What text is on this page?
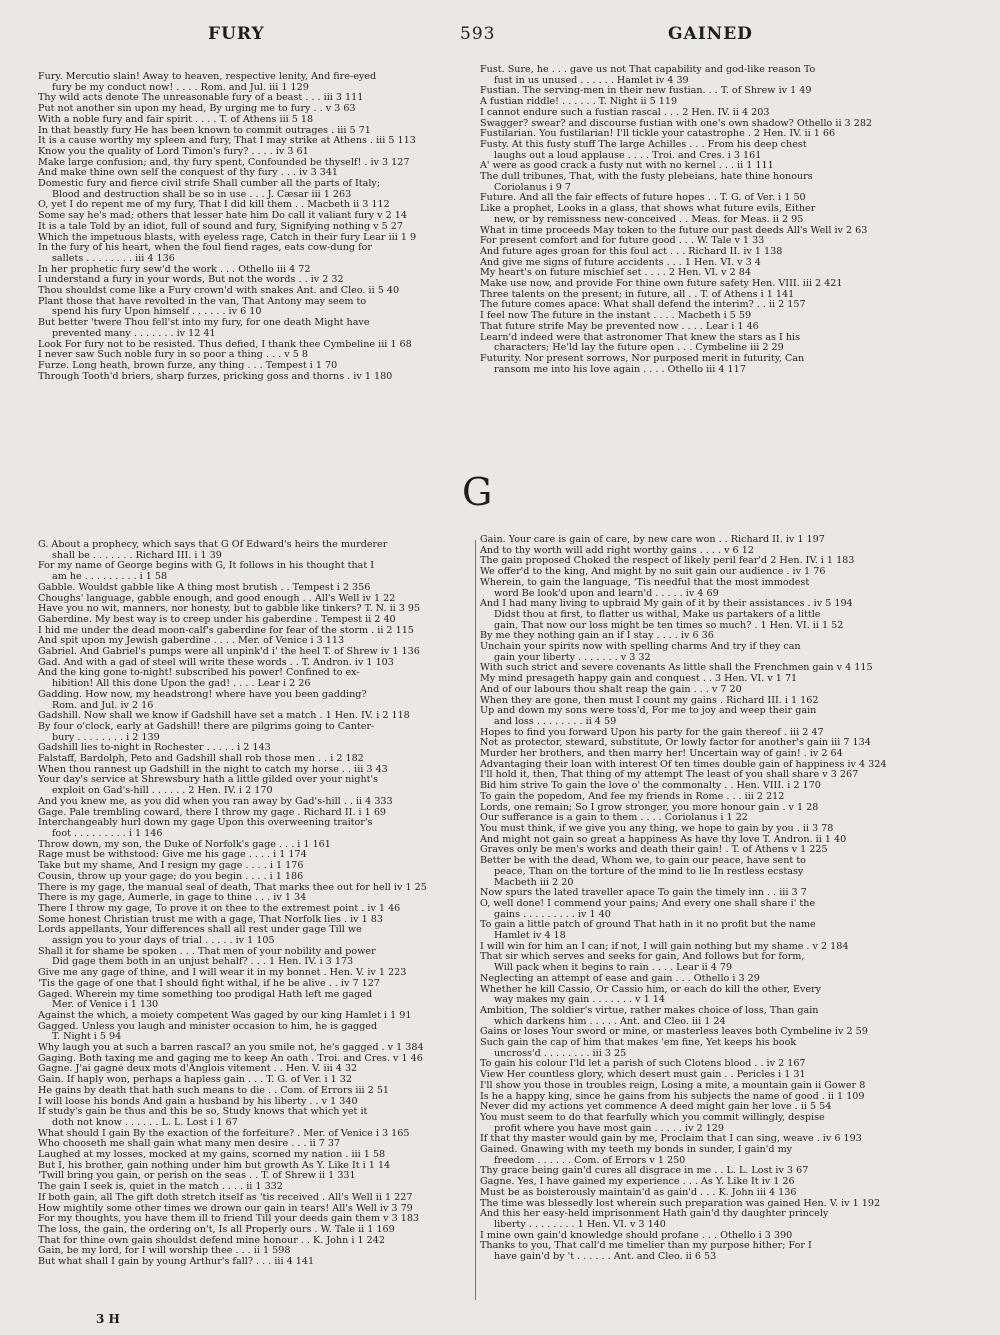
FURY	593	GAINED
Fury. Mercutio slain! Away to heaven, respective lenity, And fire-eyed
fury be my conduct now! . . . . Rom. and Jul. iii 1 129
Thy wild acts denote The unreasonable fury of a beast . . . iii 3 111
Put not another sin upon my head, By urging me to fury . . v 3 63
With a noble fury and fair spirit . . . . T. of Athens iii 5 18
In that beastly fury He has been known to commit outrages . iii 5 71
It is a cause worthy my spleen and fury, That I may strike at Athens . iii 5 113
Know you the quality of Lord Timon's fury? . . . . iv 3 61
Make large confusion; and, thy fury spent, Confounded be thyself! . iv 3 127
And make thine own self the conquest of thy fury . . . iv 3 341
Domestic fury and fierce civil strife Shall cumber all the parts of Italy;
Blood and destruction shall be so in use . . . J. Cæsar iii 1 263
O, yet I do repent me of my fury, That I did kill them . . Macbeth ii 3 112
Some say he's mad; others that lesser hate him Do call it valiant fury v 2 14
It is a tale Told by an idiot, full of sound and fury, Signifying nothing v 5 27
Which the impetuous blasts, with eyeless rage, Catch in their fury Lear iii 1 9
In the fury of his heart, when the foul fiend rages, eats cow-dung for
sallets . . . . . . . . iii 4 136
In her prophetic fury sew'd the work . . . Othello iii 4 72
I understand a fury in your words, But not the words . . iv 2 32
Thou shouldst come like a Fury crown'd with snakes Ant. and Cleo. ii 5 40
Plant those that have revolted in the van, That Antony may seem to
spend his fury Upon himself . . . . . . iv 6 10
But better 'twere Thou fell'st into my fury, for one death Might have
prevented many . . . . . . . iv 12 41
Look For fury not to be resisted. Thus defied, I thank thee Cymbeline iii 1 68
I never saw Such noble fury in so poor a thing . . . v 5 8
Furze. Long heath, brown furze, any thing . . . Tempest i 1 70
Through Tooth'd briers, sharp furzes, pricking goss and thorns . iv 1 180
Fust. Sure, he . . . gave us not That capability and god-like reason To
fust in us unused . . . . . . Hamlet iv 4 39
Fustian. The serving-men in their new fustian. . . T. of Shrew iv 1 49
A fustian riddle! . . . . . . T. Night ii 5 119
I cannot endure such a fustian rascal . . . 2 Hen. IV. ii 4 203
Swagger? swear? and discourse fustian with one's own shadow? Othello ii 3 282
Fustilarian. You fustilarian! I'll tickle your catastrophe . 2 Hen. IV. ii 1 66
Fusty. At this fusty stuff The large Achilles . . . From his deep chest
laughs out a loud applause . . . . Troi. and Cres. i 3 161
A' were as good crack a fusty nut with no kernel . . . ii 1 111
The dull tribunes, That, with the fusty plebeians, hate thine honours
Coriolanus i 9 7
Future. And all the fair effects of future hopes . . T. G. of Ver. i 1 50
Like a prophet, Looks in a glass, that shows what future evils, Either
new, or by remissness new-conceived . . Meas. for Meas. ii 2 95
What in time proceeds May token to the future our past deeds All's Well iv 2 63
For present comfort and for future good . . . W. Tale v 1 33
And future ages groan for this foul act . . . Richard II. iv 1 138
And give me signs of future accidents . . . 1 Hen. VI. v 3 4
My heart's on future mischief set . . . . 2 Hen. VI. v 2 84
Make use now, and provide For thine own future safety Hen. VIII. iii 2 421
Three talents on the present; in future, all . . T. of Athens i 1 141
The future comes apace: What shall defend the interim? . . ii 2 157
I feel now The future in the instant . . . . Macbeth i 5 59
That future strife May be prevented now . . . . Lear i 1 46
Learn'd indeed were that astronomer That knew the stars as I his
characters; He'ld lay the future open . . . Cymbeline iii 2 29
Futurity. Nor present sorrows, Nor purposed merit in futurity, Can
ransom me into his love again . . . . Othello iii 4 117
G
G. About a prophecy, which says that G Of Edward's heirs the murderer
shall be . . . . . . . Richard III. i 1 39
For my name of George begins with G, It follows in his thought that I
am he . . . . . . . . . i 1 58
Gabble. Wouldst gabble like A thing most brutish . . Tempest i 2 356
Choughs' language, gabble enough, and good enough . . All's Well iv 1 22
Have you no wit, manners, nor honesty, but to gabble like tinkers? T. N. ii 3 95
Gaberdine. My best way is to creep under his gaberdine . Tempest ii 2 40
I hid me under the dead moon-calf's gaberdine for fear of the storm . ii 2 115
And spit upon my Jewish gaberdine . . . . Mer. of Venice i 3 113
Gabriel. And Gabriel's pumps were all unpink'd i' the heel T. of Shrew iv 1 136
Gad. And with a gad of steel will write these words . . T. Andron. iv 1 103
And the king gone to-night! subscribed his power! Confined to ex-
hibition! All this done Upon the gad! . . . . Lear i 2 26
Gadding. How now, my headstrong! where have you been gadding?
Rom. and Jul. iv 2 16
Gadshill. Now shall we know if Gadshill have set a match . 1 Hen. IV. i 2 118
By four o'clock, early at Gadshill! there are pilgrims going to Canter-
bury . . . . . . . . i 2 139
Gadshill lies to-night in Rochester . . . . . i 2 143
Falstaff, Bardolph, Peto and Gadshill shall rob those men . . i 2 182
When thou rannest up Gadshill in the night to catch my horse . . iii 3 43
Your day's service at Shrewsbury hath a little gilded over your night's
exploit on Gad's-hill . . . . . . 2 Hen. IV. i 2 170
And you knew me, as you did when you ran away by Gad's-hill . . ii 4 333
Gage. Pale trembling coward, there I throw my gage . Richard II. i 1 69
Interchangeably hurl down my gage Upon this overweening traitor's
foot . . . . . . . . . i 1 146
Throw down, my son, the Duke of Norfolk's gage . . . i 1 161
Rage must be withstood: Give me his gage . . . . i 1 174
Take but my shame, And I resign my gage . . . . i 1 176
Cousin, throw up your gage; do you begin . . . . i 1 186
There is my gage, the manual seal of death, That marks thee out for hell iv 1 25
There is my gage, Aumerle, in gage to thine . . . iv 1 34
There I throw my gage, To prove it on thee to the extremest point . iv 1 46
Some honest Christian trust me with a gage, That Norfolk lies . iv 1 83
Lords appellants, Your differences shall all rest under gage Till we
assign you to your days of trial . . . . . iv 1 105
Shall it for shame be spoken . . . That men of your nobility and power
Did gage them both in an unjust behalf? . . . 1 Hen. IV. i 3 173
Give me any gage of thine, and I will wear it in my bonnet . Hen. V. iv 1 223
'Tis the gage of one that I should fight withal, if he be alive . . iv 7 127
Gaged. Wherein my time something too prodigal Hath left me gaged
Mer. of Venice i 1 130
Against the which, a moiety competent Was gaged by our king Hamlet i 1 91
Gagged. Unless you laugh and minister occasion to him, he is gagged
T. Night i 5 94
Why laugh you at such a barren rascal? an you smile not, he's gagged . v 1 384
Gaging. Both taxing me and gaging me to keep An oath . Troi. and Cres. v 1 46
Gagne. J'ai gagné deux mots d'Anglois vitement . . Hen. V. iii 4 32
Gain. If haply won, perhaps a hapless gain . . . T. G. of Ver. i 1 32
He gains by death that hath such means to die . . Com. of Errors iii 2 51
I will loose his bonds And gain a husband by his liberty . . v 1 340
If study's gain be thus and this be so, Study knows that which yet it
doth not know . . . . . . L. L. Lost i 1 67
What should I gain By the exaction of the forfeiture? . Mer. of Venice i 3 165
Who chooseth me shall gain what many men desire . . . ii 7 37
Laughed at my losses, mocked at my gains, scorned my nation . iii 1 58
But I, his brother, gain nothing under him but growth As Y. Like It i 1 14
'Twill bring you gain, or perish on the seas . . T. of Shrew ii 1 331
The gain I seek is, quiet in the match . . . . ii 1 332
If both gain, all The gift doth stretch itself as 'tis received . All's Well ii 1 227
How mightily some other times we drown our gain in tears! All's Well iv 3 79
For my thoughts, you have them ill to friend Till your deeds gain them v 3 183
The loss, the gain, the ordering on't, Is all Properly ours . W. Tale ii 1 169
That for thine own gain shouldst defend mine honour . . K. John i 1 242
Gain, be my lord, for I will worship thee . . . ii 1 598
But what shall I gain by young Arthur's fall? . . . iii 4 141
Gain. Your care is gain of care, by new care won . . Richard II. iv 1 197
And to thy worth will add right worthy gains . . . . v 6 12
The gain proposed Choked the respect of likely peril fear'd 2 Hen. IV. i 1 183
We offer'd to the king, And might by no suit gain our audience . iv 1 76
Wherein, to gain the language, 'Tis needful that the most immodest
word Be look'd upon and learn'd . . . . . iv 4 69
And I had many living to upbraid My gain of it by their assistances . iv 5 194
Didst thou at first, to flatter us withal, Make us partakers of a little
gain, That now our loss might be ten times so much? . 1 Hen. VI. ii 1 52
By me they nothing gain an if I stay . . . . iv 6 36
Unchain your spirits now with spelling charms And try if they can
gain your liberty . . . . . . . v 3 32
With such strict and severe covenants As little shall the Frenchmen gain v 4 115
My mind presageth happy gain and conquest . . 3 Hen. VI. v 1 71
And of our labours thou shalt reap the gain . . . v 7 20
When they are gone, then must I count my gains . Richard III. i 1 162
Up and down my sons were toss'd, For me to joy and weep their gain
and loss . . . . . . . . ii 4 59
Hopes to find you forward Upon his party for the gain thereof . iii 2 47
Not as protector, steward, substitute, Or lowly factor for another's gain iii 7 134
Murder her brothers, and then marry her! Uncertain way of gain! . iv 2 64
Advantaging their loan with interest Of ten times double gain of happiness iv 4 324
I'll hold it, then, That thing of my attempt The least of you shall share v 3 267
Bid him strive To gain the love o' the commonalty . . Hen. VIII. i 2 170
To gain the popedom, And fee my friends in Rome . . . iii 2 212
Lords, one remain; So I grow stronger, you more honour gain . v 1 28
Our sufferance is a gain to them . . . . Coriolanus i 1 22
You must think, if we give you any thing, we hope to gain by you . ii 3 78
And might not gain so great a happiness As have thy love T. Andron. ii 1 40
Graves only be men's works and death their gain! . T. of Athens v 1 225
Better be with the dead, Whom we, to gain our peace, have sent to
peace, Than on the torture of the mind to lie In restless ecstasy
Macbeth iii 2 20
Now spurs the lated traveller apace To gain the timely inn . . iii 3 7
O, well done! I commend your pains; And every one shall share i' the
gains . . . . . . . . . iv 1 40
To gain a little patch of ground That hath in it no profit but the name
Hamlet iv 4 18
I will win for him an I can; if not, I will gain nothing but my shame . v 2 184
That sir which serves and seeks for gain, And follows but for form,
Will pack when it begins to rain . . . . Lear ii 4 79
Neglecting an attempt of ease and gain . . . Othello i 3 29
Whether he kill Cassio, Or Cassio him, or each do kill the other, Every
way makes my gain . . . . . . . v 1 14
Ambition, The soldier's virtue, rather makes choice of loss, Than gain
which darkens him . . . . . Ant. and Cleo. iii 1 24
Gains or loses Your sword or mine, or masterless leaves both Cymbeline iv 2 59
Such gain the cap of him that makes 'em fine, Yet keeps his book
uncross'd . . . . . . . . iii 3 25
To gain his colour I'ld let a parish of such Clotens blood . . iv 2 167
View Her countless glory, which desert must gain . . Pericles i 1 31
I'll show you those in troubles reign, Losing a mite, a mountain gain ii Gower 8
Is he a happy king, since he gains from his subjects the name of good . ii 1 109
Never did my actions yet commence A deed might gain her love . ii 5 54
You must seem to do that fearfully which you commit willingly, despise
profit where you have most gain . . . . . iv 2 129
If that thy master would gain by me, Proclaim that I can sing, weave . iv 6 193
Gained. Gnawing with my teeth my bonds in sunder, I gain'd my
freedom . . . . . . Com. of Errors v 1 250
Thy grace being gain'd cures all disgrace in me . . L. L. Lost iv 3 67
Gagne. Yes, I have gained my experience . . . As Y. Like It iv 1 26
Must be as boisterously maintain'd as gain'd . . . K. John iii 4 136
The time was blessedly lost wherein such preparation was gained Hen. V. iv 1 192
And this her easy-held imprisonment Hath gain'd thy daughter princely
liberty . . . . . . . . 1 Hen. VI. v 3 140
I mine own gain'd knowledge should profane . . . Othello i 3 390
Thanks to you, That call'd me timelier than my purpose hither; For I
have gain'd by 't . . . . . . Ant. and Cleo. ii 6 53
3 H
